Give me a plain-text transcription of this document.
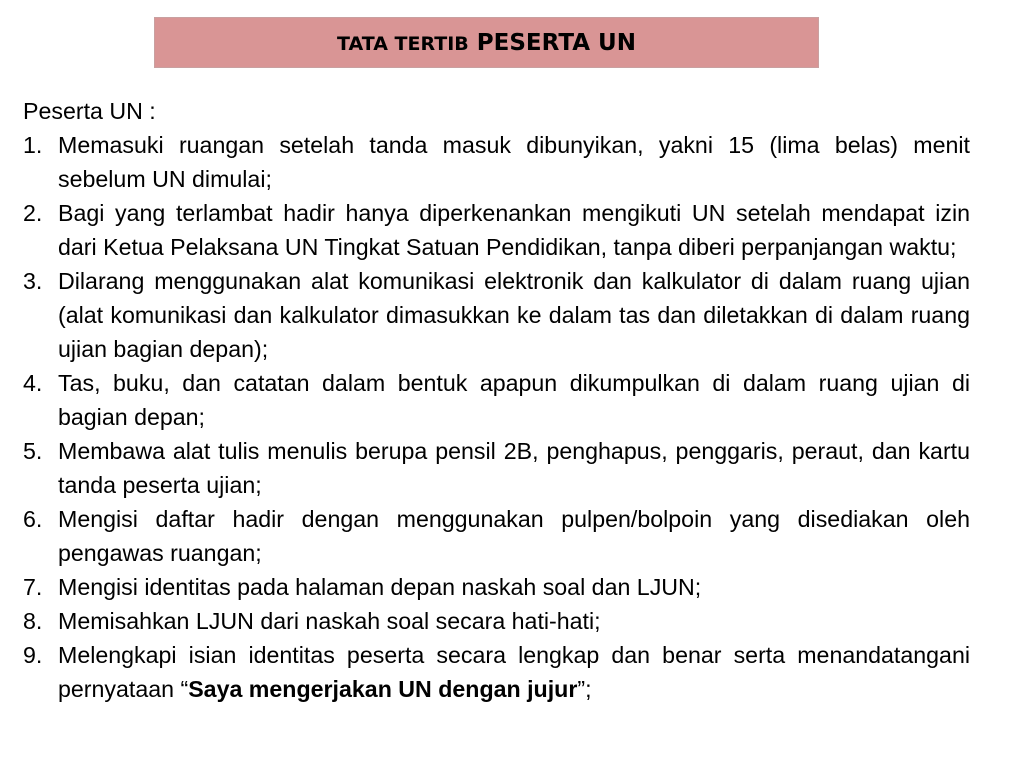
TATA TERTIB PESERTA UN

Peserta UN :

1. Memasuki ruangan setelah tanda masuk dibunyikan, yakni 15 (lima belas) menit sebelum UN dimulai;
2. Bagi yang terlambat hadir hanya diperkenankan mengikuti UN setelah mendapat izin dari Ketua Pelaksana UN Tingkat Satuan Pendidikan, tanpa diberi perpanjangan waktu;
3. Dilarang menggunakan alat komunikasi elektronik dan kalkulator di dalam ruang ujian (alat komunikasi dan kalkulator dimasukkan ke dalam tas dan diletakkan di dalam ruang ujian bagian depan);
4. Tas, buku, dan catatan dalam bentuk apapun dikumpulkan di dalam ruang ujian di bagian depan;
5. Membawa alat tulis menulis berupa pensil 2B, penghapus, penggaris, peraut, dan kartu tanda peserta ujian;
6. Mengisi daftar hadir dengan menggunakan pulpen/bolpoin yang disediakan oleh pengawas ruangan;
7. Mengisi identitas pada halaman depan naskah soal dan LJUN;
8. Memisahkan LJUN dari naskah soal secara hati-hati;
9. Melengkapi isian identitas peserta secara lengkap dan benar serta menandatangani pernyataan “Saya mengerjakan UN dengan jujur”;
